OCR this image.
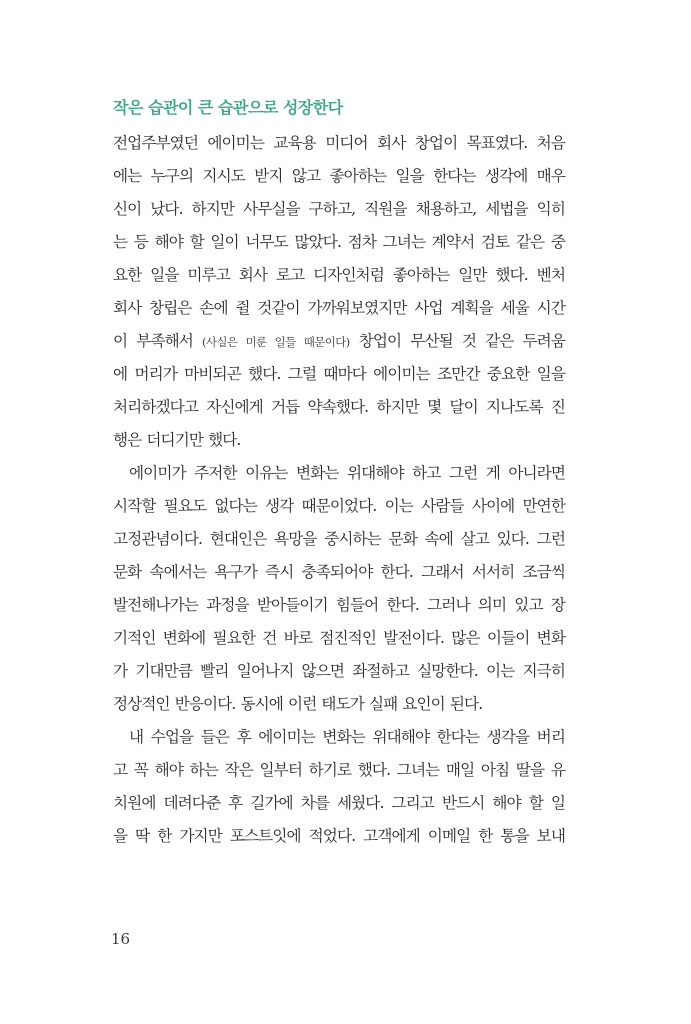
작은 습관이 큰 습관으로 성장한다
전업주부였던 에이미는 교육용 미디어 회사 창업이 목표였다. 처음
에는 누구의 지시도 받지 않고 좋아하는 일을 한다는 생각에 매우
신이 났다. 하지만 사무실을 구하고, 직원을 채용하고, 세법을 익히
는 등 해야 할 일이 너무도 많았다. 점차 그녀는 계약서 검토 같은 중
요한 일을 미루고 회사 로고 디자인처럼 좋아하는 일만 했다. 벤처
회사 창립은 손에 쥘 것같이 가까워보였지만 사업 계획을 세울 시간
이 부족해서 (사실은 미룬 일들 때문이다) 창업이 무산될 것 같은 두려움
에 머리가 마비되곤 했다. 그럴 때마다 에이미는 조만간 중요한 일을
처리하겠다고 자신에게 거듭 약속했다. 하지만 몇 달이 지나도록 진
행은 더디기만 했다.
에이미가 주저한 이유는 변화는 위대해야 하고 그런 게 아니라면
시작할 필요도 없다는 생각 때문이었다. 이는 사람들 사이에 만연한
고정관념이다. 현대인은 욕망을 중시하는 문화 속에 살고 있다. 그런
문화 속에서는 욕구가 즉시 충족되어야 한다. 그래서 서서히 조금씩
발전해나가는 과정을 받아들이기 힘들어 한다. 그러나 의미 있고 장
기적인 변화에 필요한 건 바로 점진적인 발전이다. 많은 이들이 변화
가 기대만큼 빨리 일어나지 않으면 좌절하고 실망한다. 이는 지극히
정상적인 반응이다. 동시에 이런 태도가 실패 요인이 된다.
내 수업을 들은 후 에이미는 변화는 위대해야 한다는 생각을 버리
고 꼭 해야 하는 작은 일부터 하기로 했다. 그녀는 매일 아침 딸을 유
치원에 데려다준 후 길가에 차를 세웠다. 그리고 반드시 해야 할 일
을 딱 한 가지만 포스트잇에 적었다. 고객에게 이메일 한 통을 보내
16
